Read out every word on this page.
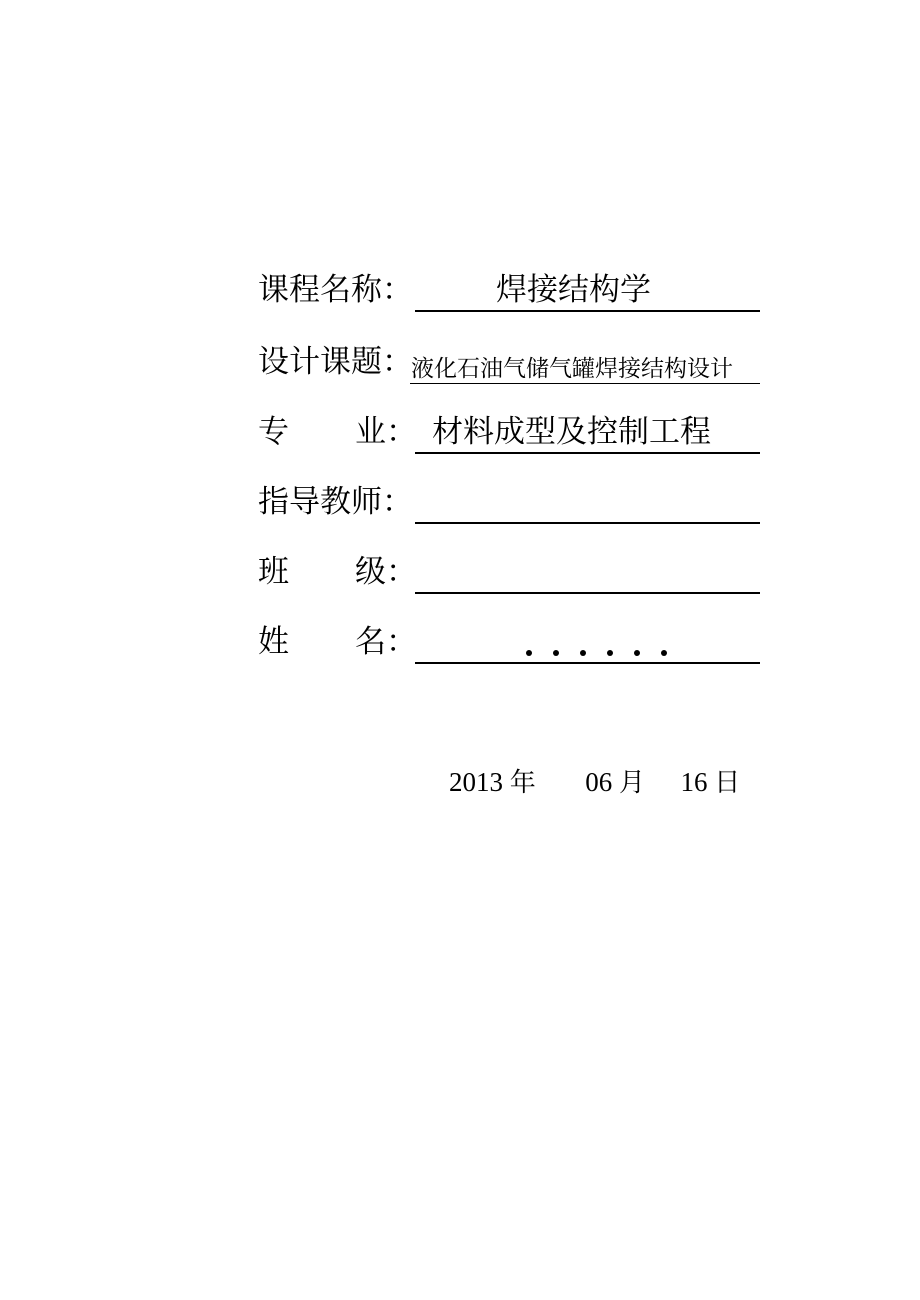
课程名称：	焊接结构学
设计课题：
液化石油气储气罐焊接结构设计
专 业 ： 材料成型及控制工程
指导教师：
班 级 ：
姓 名 ：
2013 年 06 月 16 日
